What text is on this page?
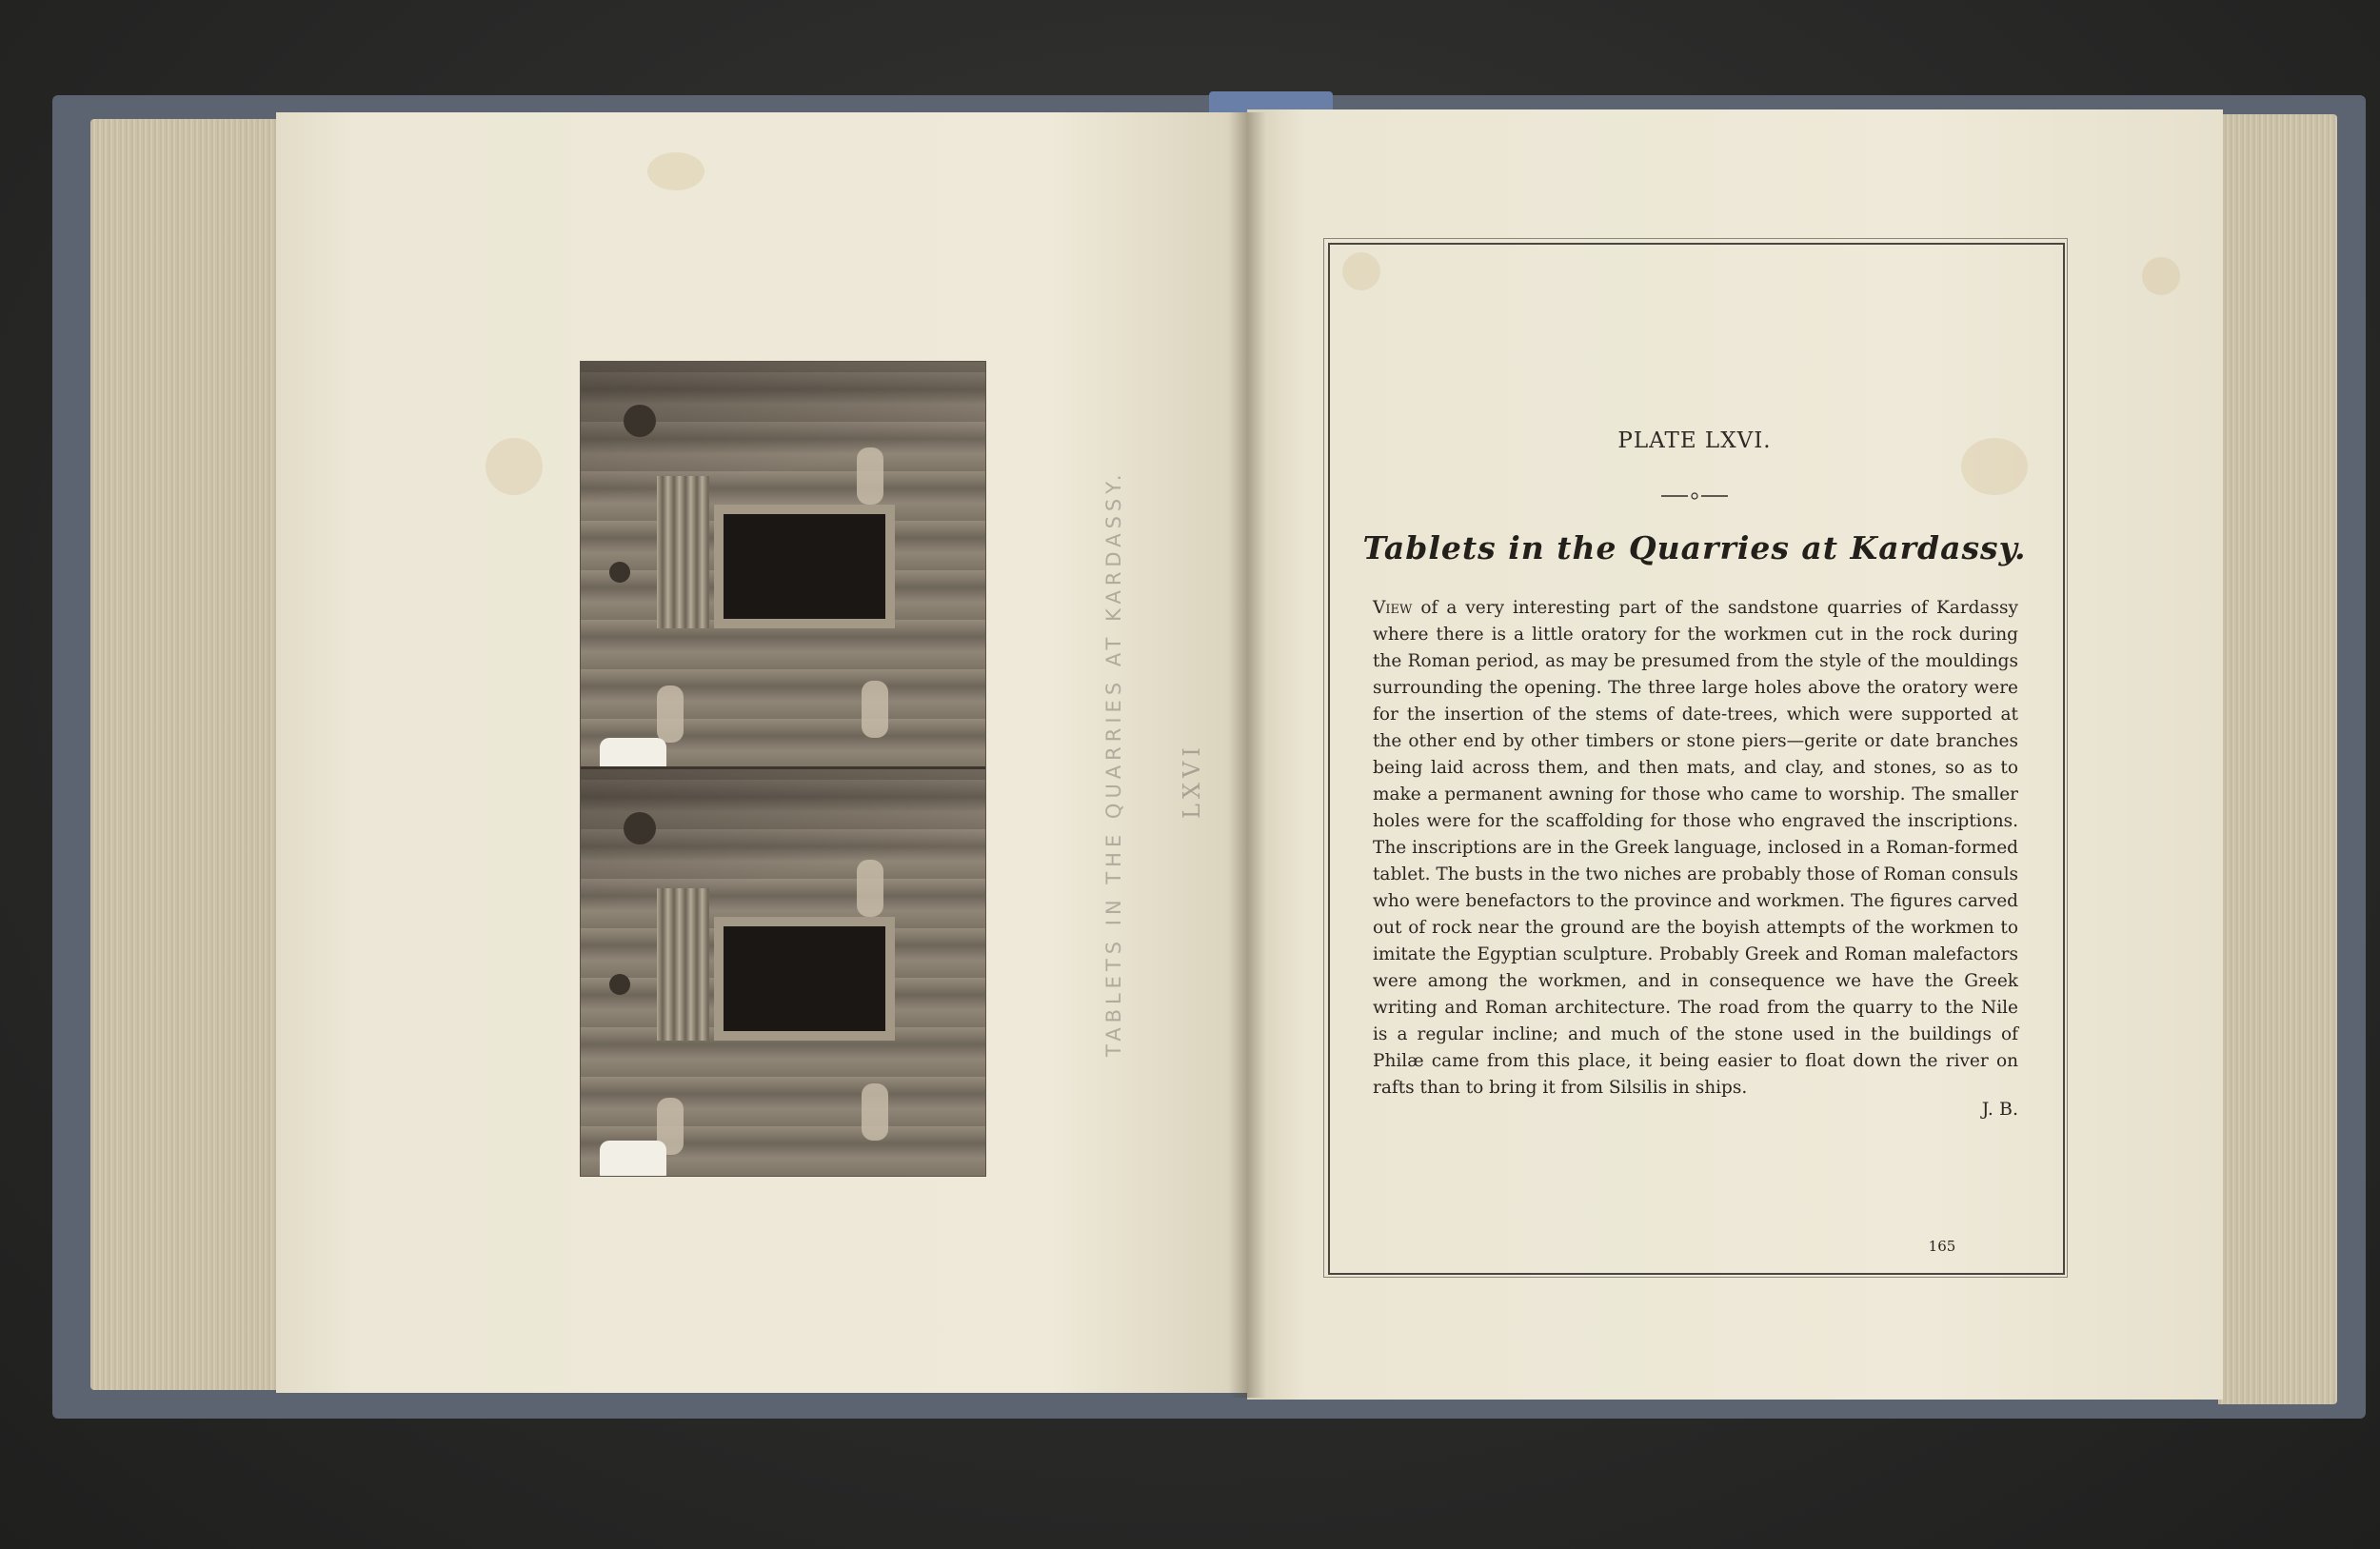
TABLETS IN THE QUARRIES AT KARDASSY.	LXVI
PLATE LXVI.
Tablets in the Quarries at Kardassy.
View of a very interesting part of the sandstone quarries of Kardassy where there is a little oratory for the workmen cut in the rock during the Roman period, as may be presumed from the style of the mouldings surrounding the opening. The three large holes above the oratory were for the insertion of the stems of date-trees, which were supported at the other end by other timbers or stone piers—gerite or date branches being laid across them, and then mats, and clay, and stones, so as to make a permanent awning for those who came to worship. The smaller holes were for the scaffolding for those who engraved the inscriptions. The inscriptions are in the Greek language, inclosed in a Roman-formed tablet. The busts in the two niches are probably those of Roman consuls who were benefactors to the province and workmen. The figures carved out of rock near the ground are the boyish attempts of the workmen to imitate the Egyptian sculpture. Probably Greek and Roman malefactors were among the workmen, and in consequence we have the Greek writing and Roman architecture. The road from the quarry to the Nile is a regular incline; and much of the stone used in the buildings of Philæ came from this place, it being easier to float down the river on rafts than to bring it from Silsilis in ships.
J. B.
165
